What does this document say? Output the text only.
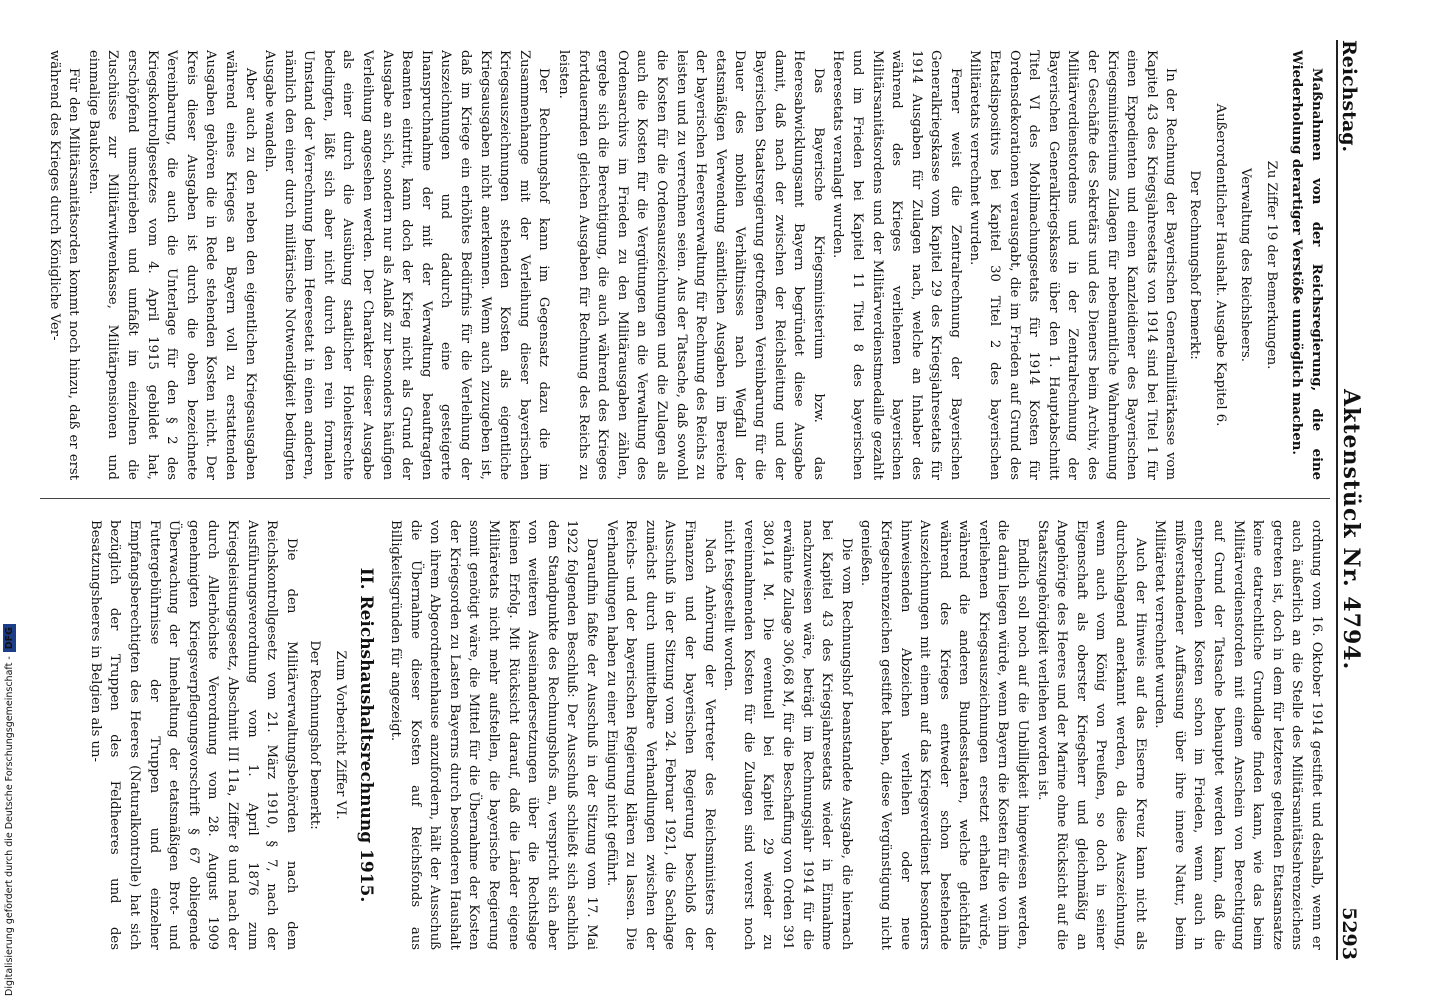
Reichstag.
Aktenstück Nr. 4794.
5293

Maßnahmen von der Reichsregierung, die eine Wiederholung derartiger Verstöße unmöglich machen.

Zu Ziffer 19 der Bemerkungen.
Verwaltung des Reichsheers.
Außerordentlicher Haushalt. Ausgabe Kapitel 6.
Der Rechnungshof bemerkt:

In der Rechnung der Bayerischen Generalmilitärkasse vom Kapitel 43 des Kriegsjahresetats von 1914 sind bei Titel 1 für einen Expedienten und einen Kanzleidiener des Bayerischen Kriegsministeriums Zulagen für nebenamtliche Wahrnehmung der Geschäfte des Sekretärs und des Dieners beim Archiv, des Militärverdienstordens und in der Zentralrechnung der Bayerischen Generalkriegskasse über den 1. Hauptabschnitt Titel VI des Mobilmachungsetats für 1914 Kosten für Ordensdekorationen verausgabt, die im Frieden auf Grund des Etatsdispositivs bei Kapitel 30 Titel 2 des bayerischen Militäretats verrechnet wurden.

Ferner weist die Zentralrechnung der Bayerischen Generalkriegskasse vom Kapitel 29 des Kriegsjahresetats für 1914 Ausgaben für Zulagen nach, welche an Inhaber des während des Krieges verliehenen bayerischen Militärsanitätsordens und der Militärverdienstmedaille gezahlt und im Frieden bei Kapitel 11 Titel 8 des bayerischen Heeresetats veranlagt wurden.

Das Bayerische Kriegsministerium bzw. das Heeresabwicklungsamt Bayern begründet diese Ausgabe damit, daß nach der zwischen der Reichsleitung und der Bayerischen Staatsregierung getroffenen Vereinbarung für die Dauer des mobilen Verhältnisses nach Wegfall der etatsmäßigen Verwendung sämtlichen Ausgaben im Bereiche der bayerischen Heeresverwaltung für Rechnung des Reichs zu leisten und zu verrechnen seien. Aus der Tatsache, daß sowohl die Kosten für die Ordensauszeichnungen und die Zulagen als auch die Kosten für die Vergütungen an die Verwaltung des Ordensarchivs im Frieden zu den Militärausgaben zählen, ergebe sich die Berechtigung, die auch während des Krieges fortdauernden gleichen Ausgaben für Rechnung des Reichs zu leisten.

Der Rechnungshof kann im Gegensatz dazu die im Zusammenhange mit der Verleihung dieser bayerischen Kriegsauszeichnungen stehenden Kosten als eigentliche Kriegsausgaben nicht anerkennen. Wenn auch zuzugeben ist, daß im Kriege ein erhöhtes Bedürfnis für die Verleihung der Auszeichnungen und dadurch eine gesteigerte Inanspruchnahme der mit der Verwaltung beauftragten Beamten eintritt, kann doch der Krieg nicht als Grund der Ausgabe an sich, sondern nur als Anlaß zur besonders häufigen Verleihung angesehen werden. Der Charakter dieser Ausgabe als einer durch die Ausübung staatlicher Hoheitsrechte bedingten, läßt sich aber nicht durch den rein formalen Umstand der Verrechnung beim Heeresetat in einen anderen, nämlich den einer durch militärische Notwendigkeit bedingten Ausgabe wandeln.

Aber auch zu den neben den eigentlichen Kriegsausgaben während eines Krieges an Bayern voll zu erstattenden Ausgaben gehören die in Rede stehenden Kosten nicht. Der Kreis dieser Ausgaben ist durch die oben bezeichnete Vereinbarung, die auch die Unterlage für den § 2 des Kriegskontrollgesetzes vom 4. April 1915 gebildet hat, erschöpfend umschrieben und umfaßt im einzelnen die Zuschüsse zur Militärwitwenkasse, Militärpensionen und einmalige Baukosten.

Für den Militärsanitätsorden kommt noch hinzu, daß er erst während des Krieges durch Königliche Ver-

ordnung vom 16. Oktober 1914 gestiftet und deshalb, wenn er auch äußerlich an die Stelle des Militärsanitätsehrenzeichens getreten ist, doch in dem für letzteres geltenden Etatsansatze keine etatrechtliche Grundlage finden kann, wie das beim Militärverdienstorden mit einem Anschein von Berechtigung auf Grund der Tatsache behauptet werden kann, daß die entsprechenden Kosten schon im Frieden, wenn auch in mißverstandener Auffassung über ihre innere Natur, beim Militäretat verrechnet wurden.

Auch der Hinweis auf das Eiserne Kreuz kann nicht als durchschlagend anerkannt werden, da diese Auszeichnung, wenn auch vom König von Preußen, so doch in seiner Eigenschaft als oberster Kriegsherr und gleichmäßig an Angehörige des Heeres und der Marine ohne Rücksicht auf die Staatszugehörigkeit verliehen worden ist.

Endlich soll noch auf die Unbilligkeit hingewiesen werden, die darin liegen würde, wenn Bayern die Kosten für die von ihm verliehenen Kriegsauszeichnungen ersetzt erhalten würde, während die anderen Bundesstaaten, welche gleichfalls während des Krieges entweder schon bestehende Auszeichnungen mit einem auf das Kriegsverdienst besonders hinweisenden Abzeichen verliehen oder neue Kriegsehrenzeichen gestiftet haben, diese Vergünstigung nicht genießen.

Die vom Rechnungshof beanstandete Ausgabe, die hiernach bei Kapitel 43 des Kriegsjahresetats wieder in Einnahme nachzuweisen wäre, beträgt im Rechnungsjahr 1914 für die erwähnte Zulage 306,68 M, für die Beschaffung von Orden 391 380,14 M. Die eventuell bei Kapitel 29 wieder zu vereinnahmenden Kosten für die Zulagen sind vorerst noch nicht festgestellt worden.

Nach Anhörung der Vertreter des Reichsministers der Finanzen und der bayerischen Regierung beschloß der Ausschuß in der Sitzung vom 24. Februar 1921, die Sachlage zunächst durch unmittelbare Verhandlungen zwischen der Reichs- und der bayerischen Regierung klären zu lassen. Die Verhandlungen haben zu einer Einigung nicht geführt.

Daraufhin faßte der Ausschuß in der Sitzung vom 17. Mai 1922 folgenden Beschluß: Der Ausschuß schließt sich sachlich dem Standpunkte des Rechnungshofs an, verspricht sich aber von weiteren Auseinandersetzungen über die Rechtslage keinen Erfolg. Mit Rücksicht darauf, daß die Länder eigene Militäretats nicht mehr aufstellen, die bayerische Regierung somit genötigt wäre, die Mittel für die Übernahme der Kosten der Kriegsorden zu Lasten Bayerns durch besonderen Haushalt von ihrem Abgeordnetenhause anzufordern, hält der Ausschuß die Übernahme dieser Kosten auf Reichsfonds aus Billigkeitsgründen für angezeigt.

II. Reichshaushaltsrechnung 1915.
Zum Vorbericht Ziffer VI.
Der Rechnungshof bemerkt:

Die den Militärverwaltungsbehörden nach dem Reichskontrollgesetz vom 21. März 1910, § 7, nach der Ausführungsverordnung vom 1. April 1876 zum Kriegsleistungsgesetz, Abschnitt III 11a, Ziffer 8 und nach der durch Allerhöchste Verordnung vom 28. August 1909 genehmigten Kriegsverpflegungsvorschrift § 67 obliegende Überwachung der Innehaltung der etatsmäßigen Brot- und Futtergebührnisse der Truppen und einzelner Empfangsberechtigten des Heeres (Naturalkontrolle) hat sich bezüglich der Truppen des Feldheeres und des Besatzungsheeres in Belgien als un-

Digitalisierung gefördert durch die Deutsche Forschungsgemeinschaft -DFG
